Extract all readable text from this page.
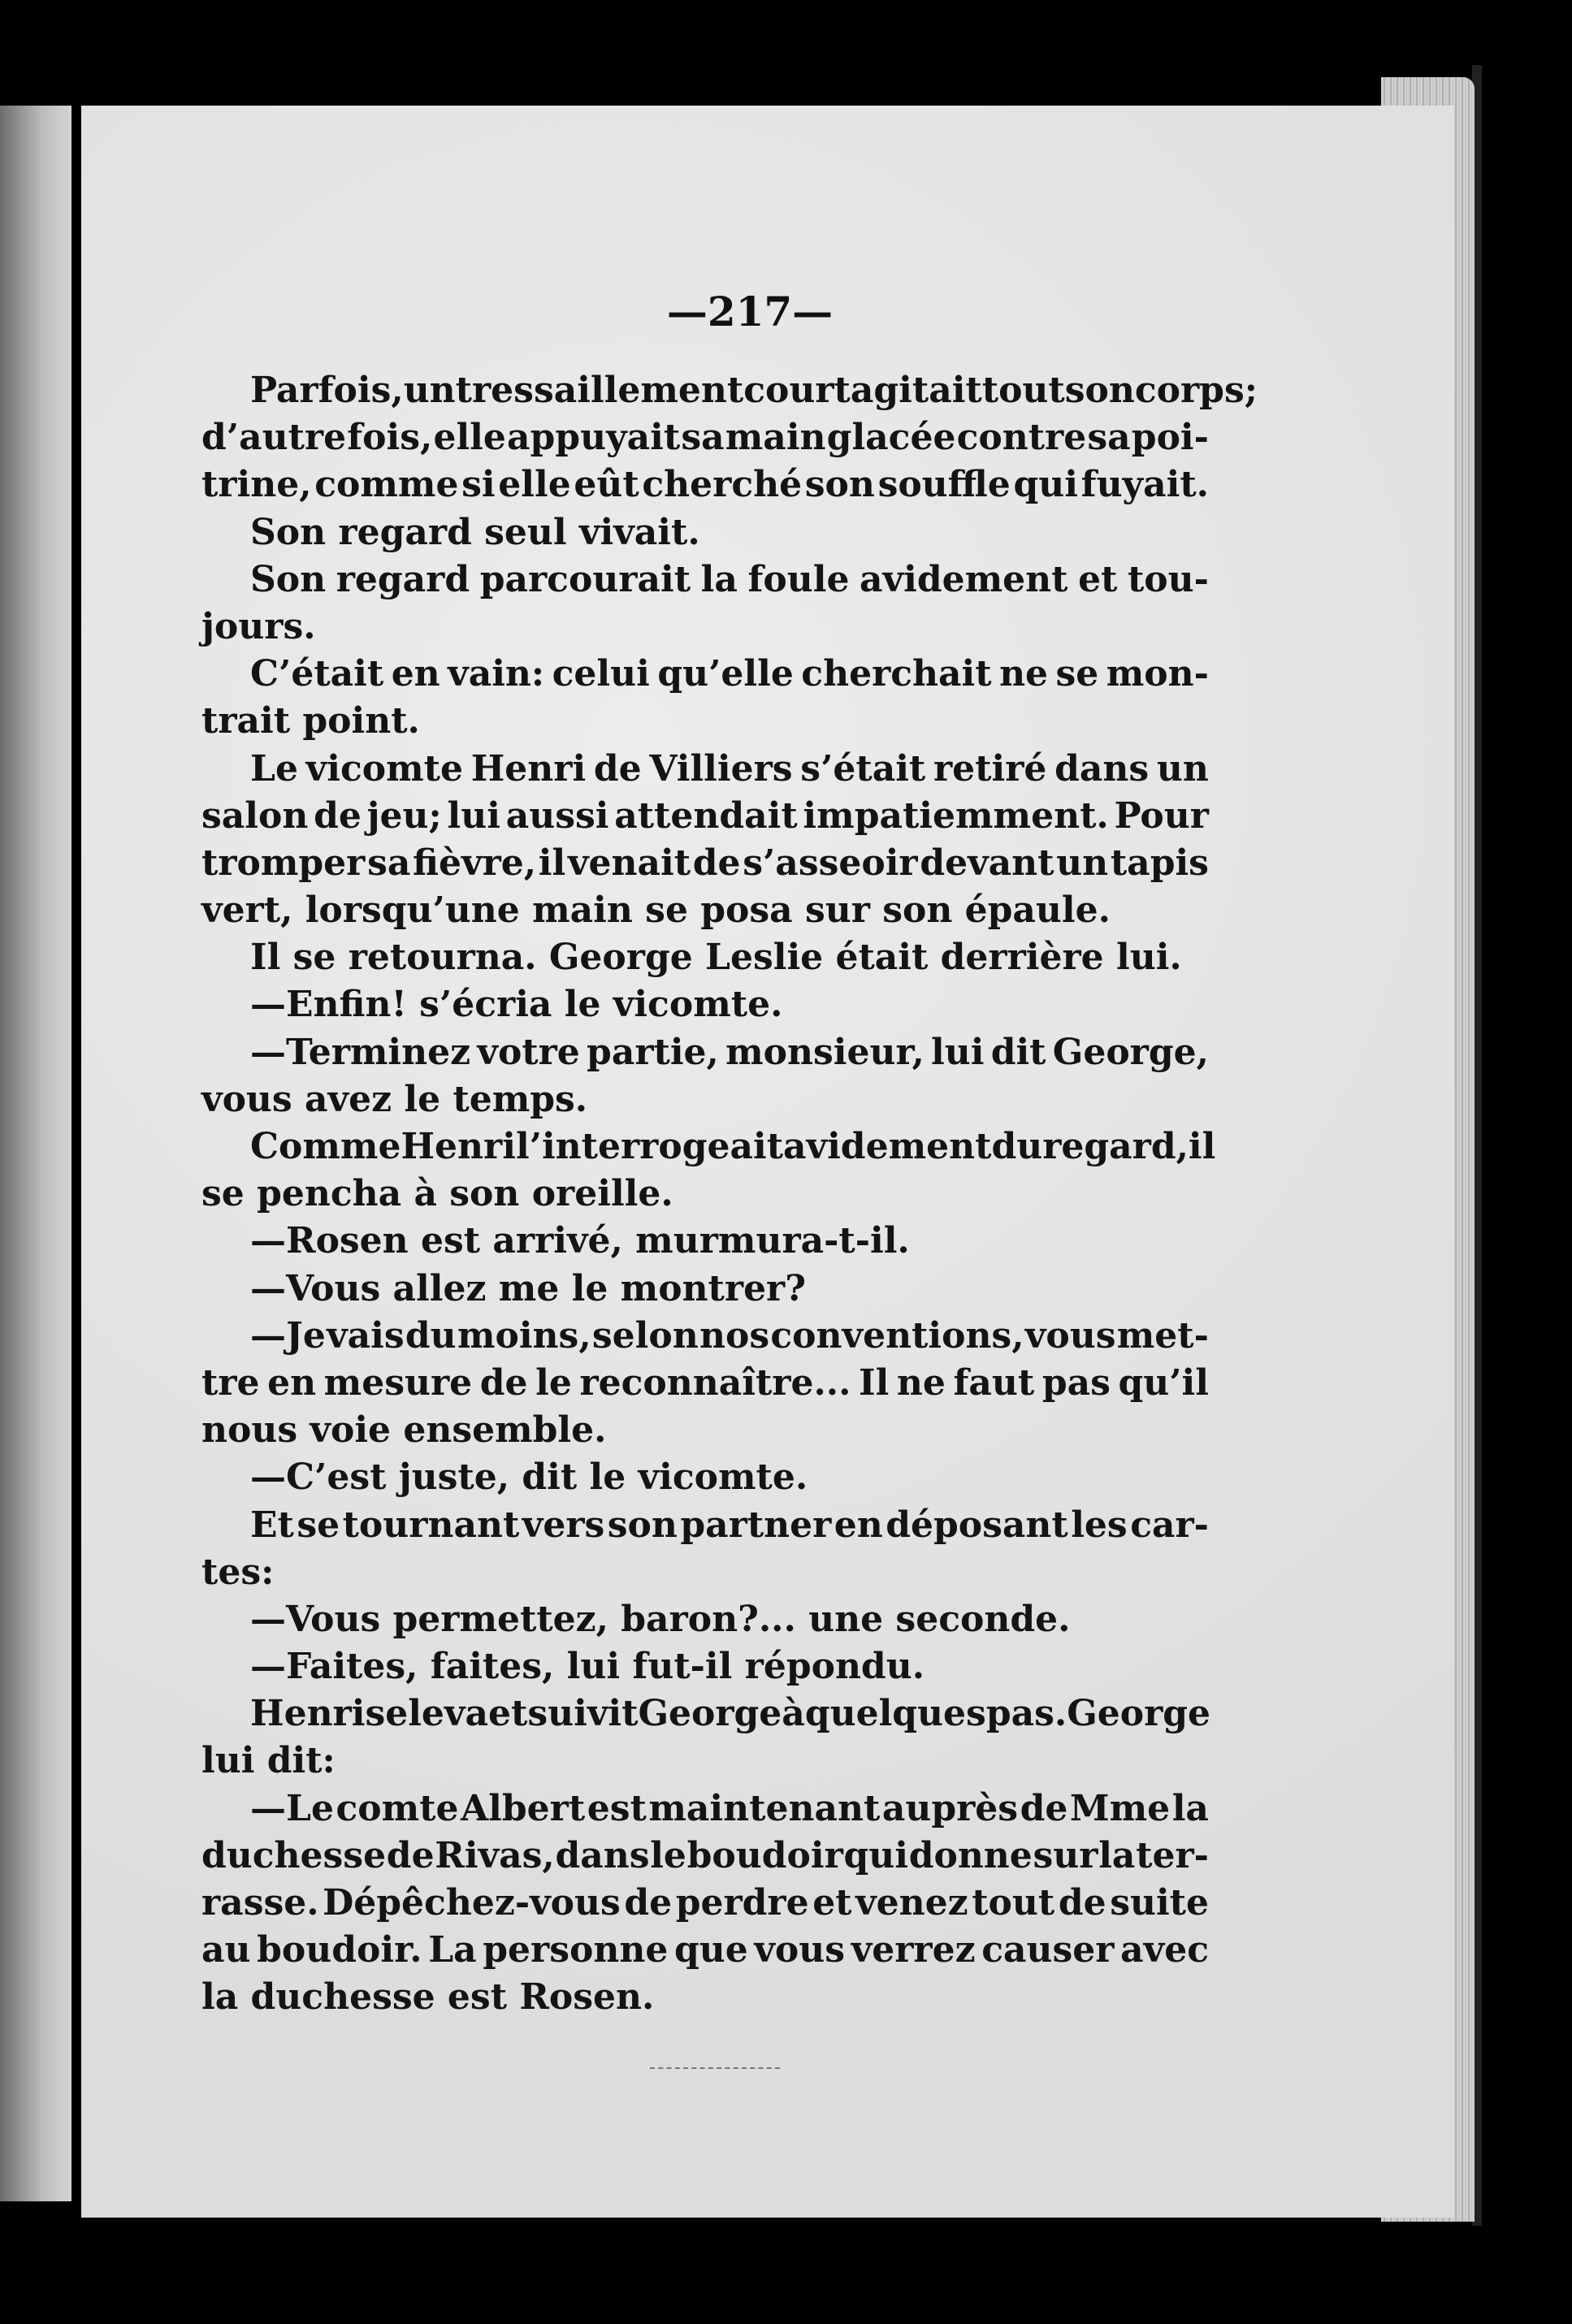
—217—
Parfois, un tressaillement court agitait tout son corps;
d’autre fois, elle appuyait sa main glacée contre sa poi-
trine, comme si elle eût cherché son souffle qui fuyait.
Son regard seul vivait.
Son regard parcourait la foule avidement et tou-
jours.
C’était en vain: celui qu’elle cherchait ne se mon-
trait point.
Le vicomte Henri de Villiers s’était retiré dans un
salon de jeu; lui aussi attendait impatiemment. Pour
tromper sa fièvre, il venait de s’asseoir devant un tapis
vert, lorsqu’une main se posa sur son épaule.
Il se retourna. George Leslie était derrière lui.
—Enfin! s’écria le vicomte.
—Terminez votre partie, monsieur, lui dit George,
vous avez le temps.
Comme Henri l’interrogeait avidement du regard, il
se pencha à son oreille.
—Rosen est arrivé, murmura-t-il.
—Vous allez me le montrer?
—Je vais du moins, selon nos conventions, vous met-
tre en mesure de le reconnaître... Il ne faut pas qu’il
nous voie ensemble.
—C’est juste, dit le vicomte.
Et se tournant vers son partner en déposant les car-
tes:
—Vous permettez, baron?... une seconde.
—Faites, faites, lui fut-il répondu.
Henri se leva et suivit George à quelques pas. George
lui dit:
—Le comte Albert est maintenant auprès de Mme la
duchesse de Rivas, dans le boudoir qui donne sur la ter-
rasse. Dépêchez-vous de perdre et venez tout de suite
au boudoir. La personne que vous verrez causer avec
la duchesse est Rosen.
